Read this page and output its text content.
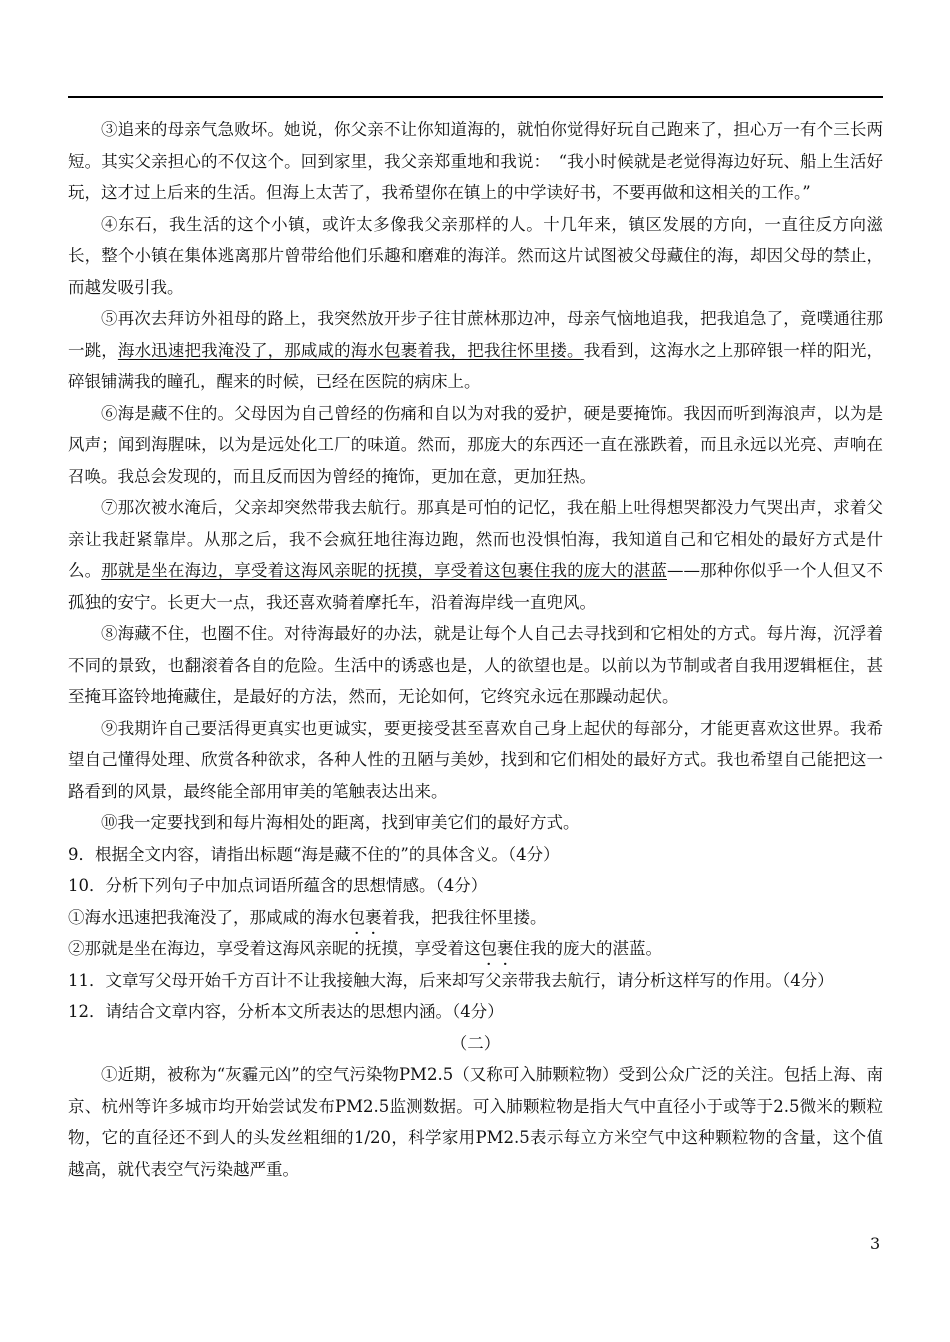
③追来的母亲气急败坏。她说，你父亲不让你知道海的，就怕你觉得好玩自己跑来了，担心万一有个三长两短。其实父亲担心的不仅这个。回到家里，我父亲郑重地和我说：　“我小时候就是老觉得海边好玩、船上生活好玩，这才过上后来的生活。但海上太苦了，我希望你在镇上的中学读好书，不要再做和这相关的工作。”

④东石，我生活的这个小镇，或许太多像我父亲那样的人。十几年来，镇区发展的方向，一直往反方向滋长，整个小镇在集体逃离那片曾带给他们乐趣和磨难的海洋。然而这片试图被父母藏住的海，却因父母的禁止，而越发吸引我。

⑤再次去拜访外祖母的路上，我突然放开步子往甘蔗林那边冲，母亲气恼地追我，把我追急了，竟噗通往那一跳，海水迅速把我淹没了，那咸咸的海水包裹着我，把我往怀里搂。我看到，这海水之上那碎银一样的阳光，碎银铺满我的瞳孔，醒来的时候，已经在医院的病床上。

⑥海是藏不住的。父母因为自己曾经的伤痛和自以为对我的爱护，硬是要掩饰。我因而听到海浪声，以为是风声；闻到海腥味，以为是远处化工厂的味道。然而，那庞大的东西还一直在涨跌着，而且永远以光亮、声响在召唤。我总会发现的，而且反而因为曾经的掩饰，更加在意，更加狂热。

⑦那次被水淹后，父亲却突然带我去航行。那真是可怕的记忆，我在船上吐得想哭都没力气哭出声，求着父亲让我赶紧靠岸。从那之后，我不会疯狂地往海边跑，然而也没惧怕海，我知道自己和它相处的最好方式是什么。那就是坐在海边，享受着这海风亲昵的抚摸，享受着这包裹住我的庞大的湛蓝——那种你似乎一个人但又不孤独的安宁。长更大一点，我还喜欢骑着摩托车，沿着海岸线一直兜风。

⑧海藏不住，也圈不住。对待海最好的办法，就是让每个人自己去寻找到和它相处的方式。每片海，沉浮着不同的景致，也翻滚着各自的危险。生活中的诱惑也是，人的欲望也是。以前以为节制或者自我用逻辑框住，甚至掩耳盗铃地掩藏住，是最好的方法，然而，无论如何，它终究永远在那躁动起伏。

⑨我期许自己要活得更真实也更诚实，要更接受甚至喜欢自己身上起伏的每部分，才能更喜欢这世界。我希望自己懂得处理、欣赏各种欲求，各种人性的丑陋与美妙，找到和它们相处的最好方式。我也希望自己能把这一路看到的风景，最终能全部用审美的笔触表达出来。

⑩我一定要找到和每片海相处的距离，找到审美它们的最好方式。

9．根据全文内容，请指出标题“海是藏不住的”的具体含义。（4分）

10．分析下列句子中加点词语所蕴含的思想情感。（4分）

①海水迅速把我淹没了，那咸咸的海水包裹着我，把我往怀里搂。

②那就是坐在海边，享受着这海风亲昵的抚摸，享受着这包裹住我的庞大的湛蓝。

11．文章写父母开始千方百计不让我接触大海，后来却写父亲带我去航行，请分析这样写的作用。（4分）

12．请结合文章内容，分析本文所表达的思想内涵。（4分）

（二）

①近期，被称为“灰霾元凶”的空气污染物PM2.5（又称可入肺颗粒物）受到公众广泛的关注。包括上海、南京、杭州等许多城市均开始尝试发布PM2.5监测数据。可入肺颗粒物是指大气中直径小于或等于2.5微米的颗粒物，它的直径还不到人的头发丝粗细的1/20，科学家用PM2.5表示每立方米空气中这种颗粒物的含量，这个值越高，就代表空气污染越严重。

3
